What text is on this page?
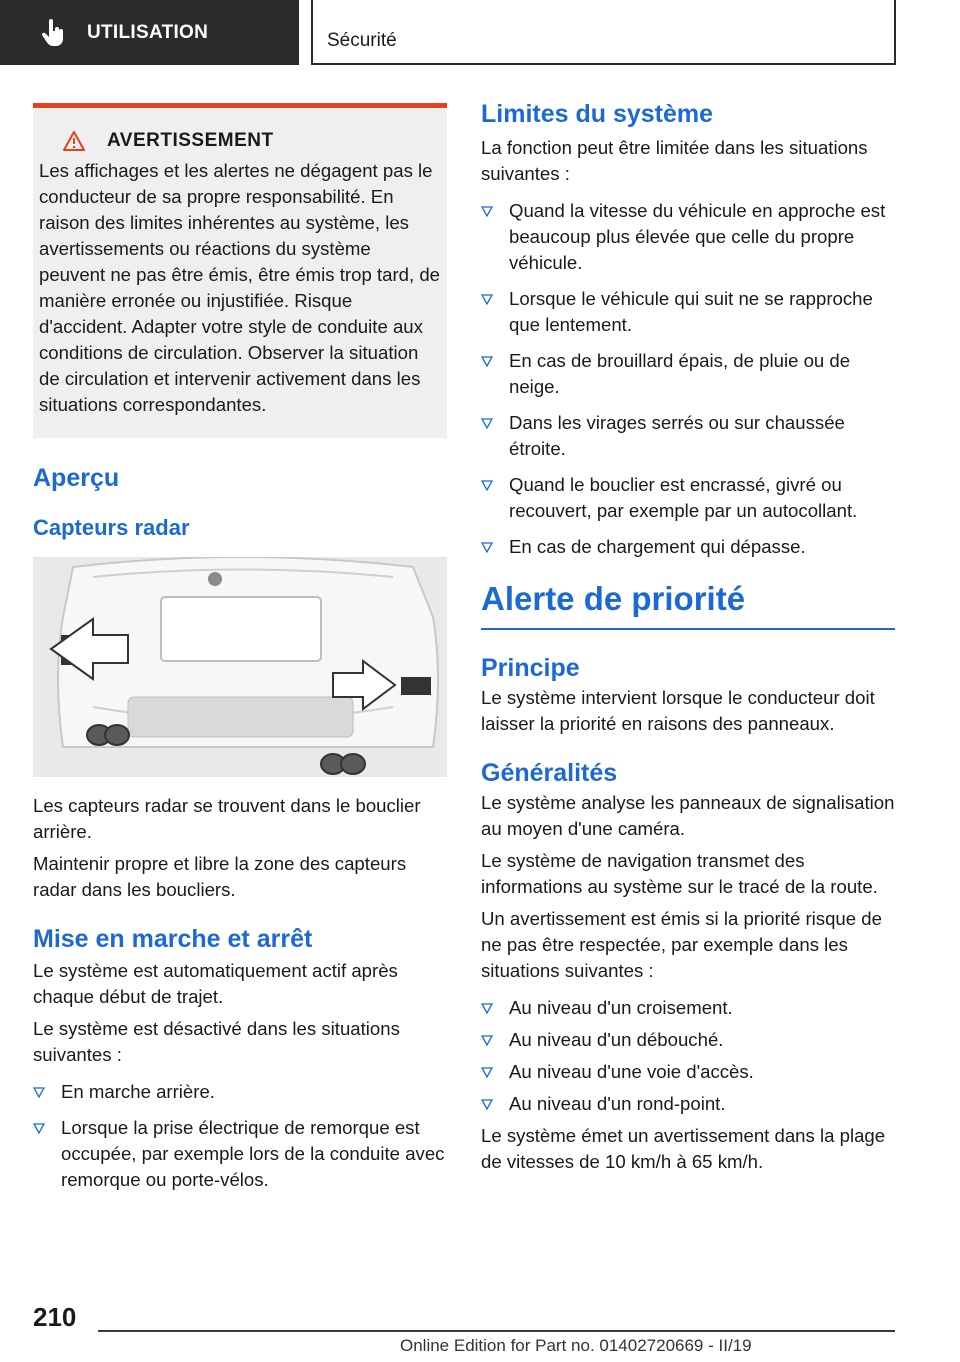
UTILISATION	Sécurité
AVERTISSEMENT

Les affichages et les alertes ne dégagent pas le conducteur de sa propre responsabilité. En raison des limites inhérentes au système, les avertissements ou réactions du système peuvent ne pas être émis, être émis trop tard, de manière erronée ou injustifiée. Risque d'accident. Adapter votre style de conduite aux conditions de circulation. Observer la situation de circulation et intervenir activement dans les situations correspondantes.

Aperçu
Capteurs radar

Les capteurs radar se trouvent dans le bouclier arrière.

Maintenir propre et libre la zone des capteurs radar dans les boucliers.

Mise en marche et arrêt

Le système est automatiquement actif après chaque début de trajet.

Le système est désactivé dans les situations suivantes :

En marche arrière.
Lorsque la prise électrique de remorque est occupée, par exemple lors de la conduite avec remorque ou porte-vélos.
Limites du système

La fonction peut être limitée dans les situations suivantes :

Quand la vitesse du véhicule en approche est beaucoup plus élevée que celle du propre véhicule.
Lorsque le véhicule qui suit ne se rapproche que lentement.
En cas de brouillard épais, de pluie ou de neige.
Dans les virages serrés ou sur chaussée étroite.
Quand le bouclier est encrassé, givré ou recouvert, par exemple par un autocollant.
En cas de chargement qui dépasse.
Alerte de priorité
Principe

Le système intervient lorsque le conducteur doit laisser la priorité en raisons des panneaux.

Généralités

Le système analyse les panneaux de signalisation au moyen d'une caméra.

Le système de navigation transmet des informations au système sur le tracé de la route.

Un avertissement est émis si la priorité risque de ne pas être respectée, par exemple dans les situations suivantes :

Au niveau d'un croisement.
Au niveau d'un débouché.
Au niveau d'une voie d'accès.
Au niveau d'un rond-point.

Le système émet un avertissement dans la plage de vitesses de 10 km/h à 65 km/h.

210
Online Edition for Part no. 01402720669 - II/19
